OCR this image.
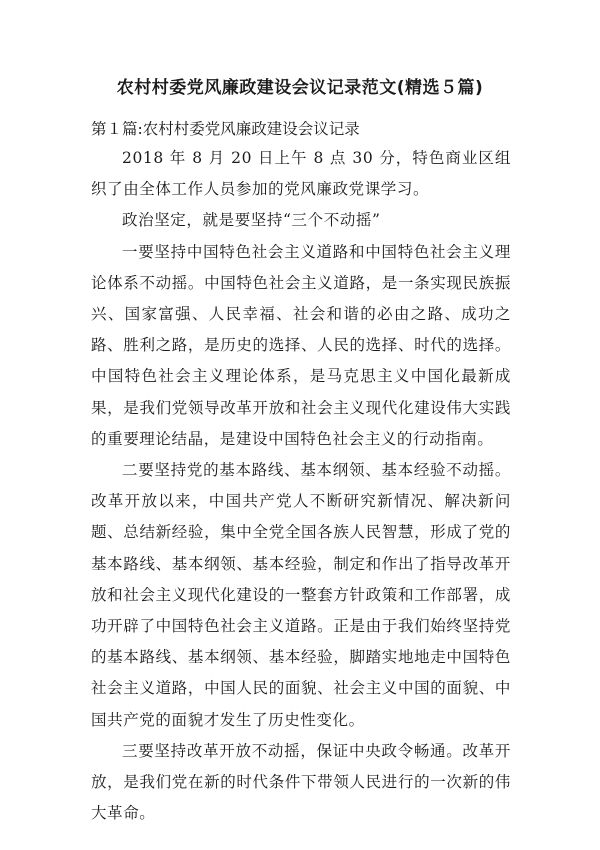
农村村委党风廉政建设会议记录范文(精选５篇)

第１篇:农村村委党风廉政建设会议记录

2018 年 8 月 20 日上午 8 点 30 分，特色商业区组织了由全体工作人员参加的党风廉政党课学习。

政治坚定，就是要坚持“三个不动摇”

一要坚持中国特色社会主义道路和中国特色社会主义理论体系不动摇。中国特色社会主义道路，是一条实现民族振兴、国家富强、人民幸福、社会和谐的必由之路、成功之路、胜利之路，是历史的选择、人民的选择、时代的选择。中国特色社会主义理论体系，是马克思主义中国化最新成果，是我们党领导改革开放和社会主义现代化建设伟大实践的重要理论结晶，是建设中国特色社会主义的行动指南。

二要坚持党的基本路线、基本纲领、基本经验不动摇。改革开放以来，中国共产党人不断研究新情况、解决新问题、总结新经验，集中全党全国各族人民智慧，形成了党的基本路线、基本纲领、基本经验，制定和作出了指导改革开放和社会主义现代化建设的一整套方针政策和工作部署，成功开辟了中国特色社会主义道路。正是由于我们始终坚持党的基本路线、基本纲领、基本经验，脚踏实地地走中国特色社会主义道路，中国人民的面貌、社会主义中国的面貌、中国共产党的面貌才发生了历史性变化。

三要坚持改革开放不动摇，保证中央政令畅通。改革开放，是我们党在新的时代条件下带领人民进行的一次新的伟大革命。
